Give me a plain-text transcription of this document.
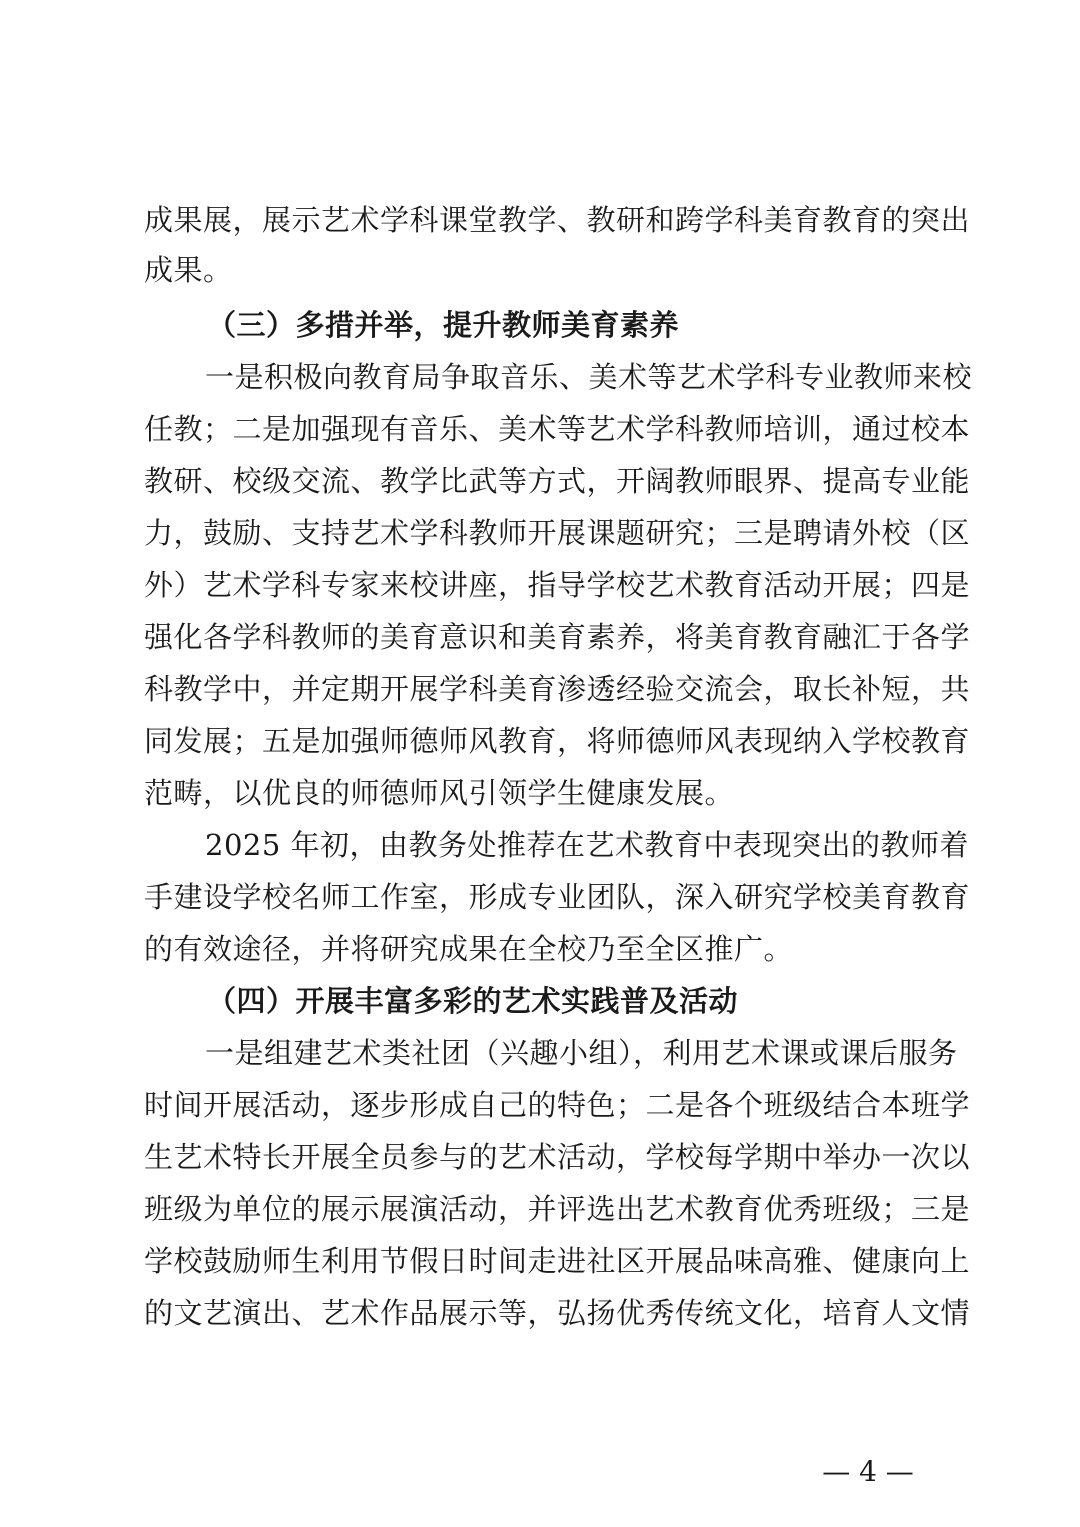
成果展，展示艺术学科课堂教学、教研和跨学科美育教育的突出
成果。
（三）多措并举，提升教师美育素养
一是积极向教育局争取音乐、美术等艺术学科专业教师来校
任教；二是加强现有音乐、美术等艺术学科教师培训，通过校本
教研、校级交流、教学比武等方式，开阔教师眼界、提高专业能
力，鼓励、支持艺术学科教师开展课题研究；三是聘请外校（区
外）艺术学科专家来校讲座，指导学校艺术教育活动开展；四是
强化各学科教师的美育意识和美育素养，将美育教育融汇于各学
科教学中，并定期开展学科美育渗透经验交流会，取长补短，共
同发展；五是加强师德师风教育，将师德师风表现纳入学校教育
范畴，以优良的师德师风引领学生健康发展。
2025 年初，由教务处推荐在艺术教育中表现突出的教师着
手建设学校名师工作室，形成专业团队，深入研究学校美育教育
的有效途径，并将研究成果在全校乃至全区推广。
（四）开展丰富多彩的艺术实践普及活动
一是组建艺术类社团（兴趣小组），利用艺术课或课后服务
时间开展活动，逐步形成自己的特色；二是各个班级结合本班学
生艺术特长开展全员参与的艺术活动，学校每学期中举办一次以
班级为单位的展示展演活动，并评选出艺术教育优秀班级；三是
学校鼓励师生利用节假日时间走进社区开展品味高雅、健康向上
的文艺演出、艺术作品展示等，弘扬优秀传统文化，培育人文情
— 4 —
